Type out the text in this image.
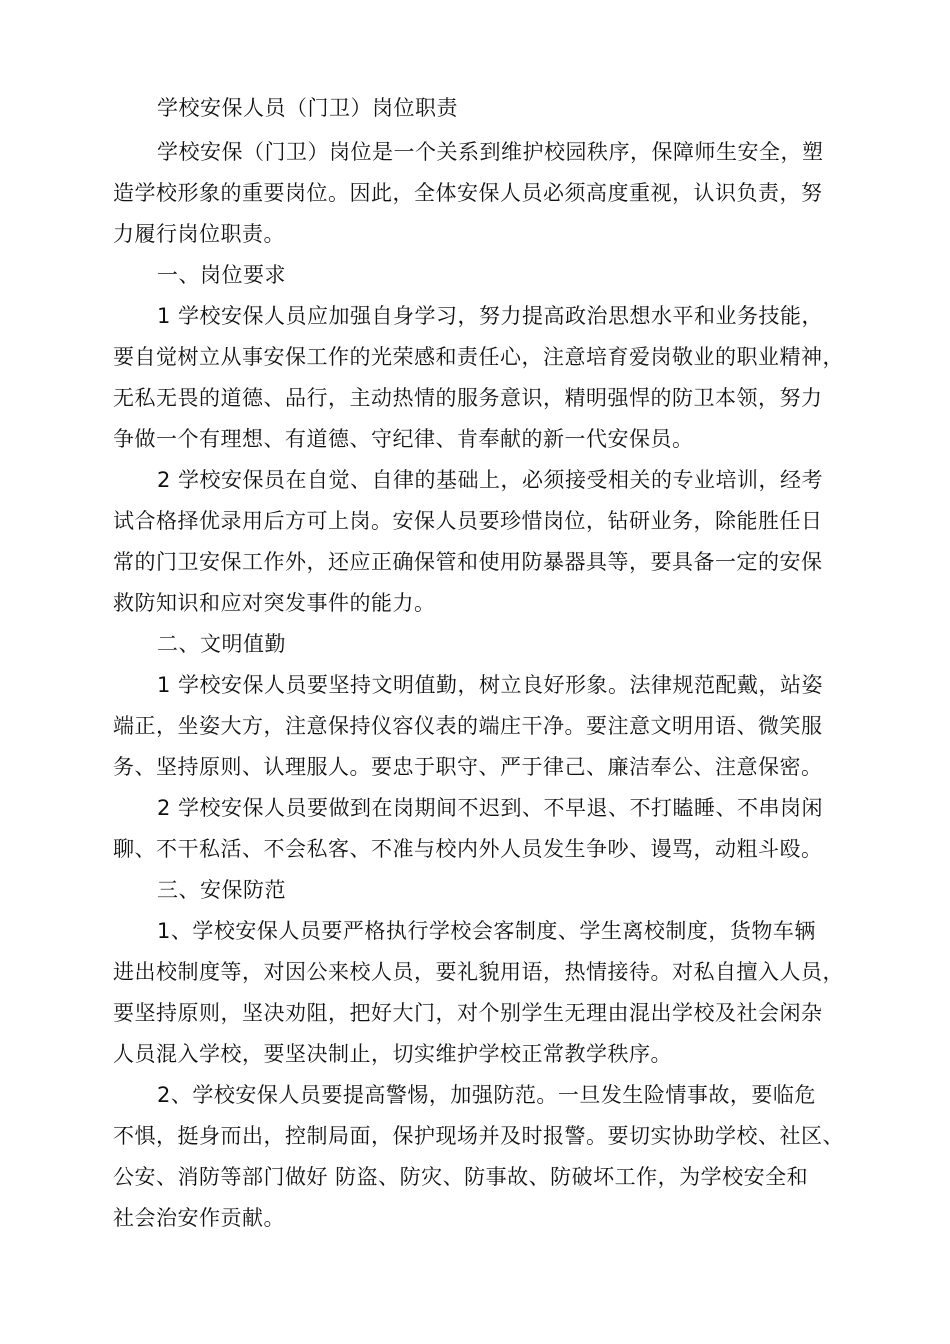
学校安保人员（门卫）岗位职责
学校安保（门卫）岗位是一个关系到维护校园秩序，保障师生安全，塑
造学校形象的重要岗位。因此，全体安保人员必须高度重视，认识负责，努
力履行岗位职责。
一、岗位要求
1 学校安保人员应加强自身学习，努力提高政治思想水平和业务技能，
要自觉树立从事安保工作的光荣感和责任心，注意培育爱岗敬业的职业精神，
无私无畏的道德、品行，主动热情的服务意识，精明强悍的防卫本领，努力
争做一个有理想、有道德、守纪律、肯奉献的新一代安保员。
2 学校安保员在自觉、自律的基础上，必须接受相关的专业培训，经考
试合格择优录用后方可上岗。安保人员要珍惜岗位，钻研业务，除能胜任日
常的门卫安保工作外，还应正确保管和使用防暴器具等，要具备一定的安保
救防知识和应对突发事件的能力。
二、文明值勤
1 学校安保人员要坚持文明值勤，树立良好形象。法律规范配戴，站姿
端正，坐姿大方，注意保持仪容仪表的端庄干净。要注意文明用语、微笑服
务、坚持原则、认理服人。要忠于职守、严于律己、廉洁奉公、注意保密。
2 学校安保人员要做到在岗期间不迟到、不早退、不打瞌睡、不串岗闲
聊、不干私活、不会私客、不准与校内外人员发生争吵、谩骂，动粗斗殴。
三、安保防范
1、学校安保人员要严格执行学校会客制度、学生离校制度，货物车辆
进出校制度等，对因公来校人员，要礼貌用语，热情接待。对私自擅入人员，
要坚持原则，坚决劝阻，把好大门，对个别学生无理由混出学校及社会闲杂
人员混入学校，要坚决制止，切实维护学校正常教学秩序。
2、学校安保人员要提高警惕，加强防范。一旦发生险情事故，要临危
不惧，挺身而出，控制局面，保护现场并及时报警。要切实协助学校、社区、
公安、消防等部门做好 防盗、防灾、防事故、防破坏工作，为学校安全和
社会治安作贡献。
